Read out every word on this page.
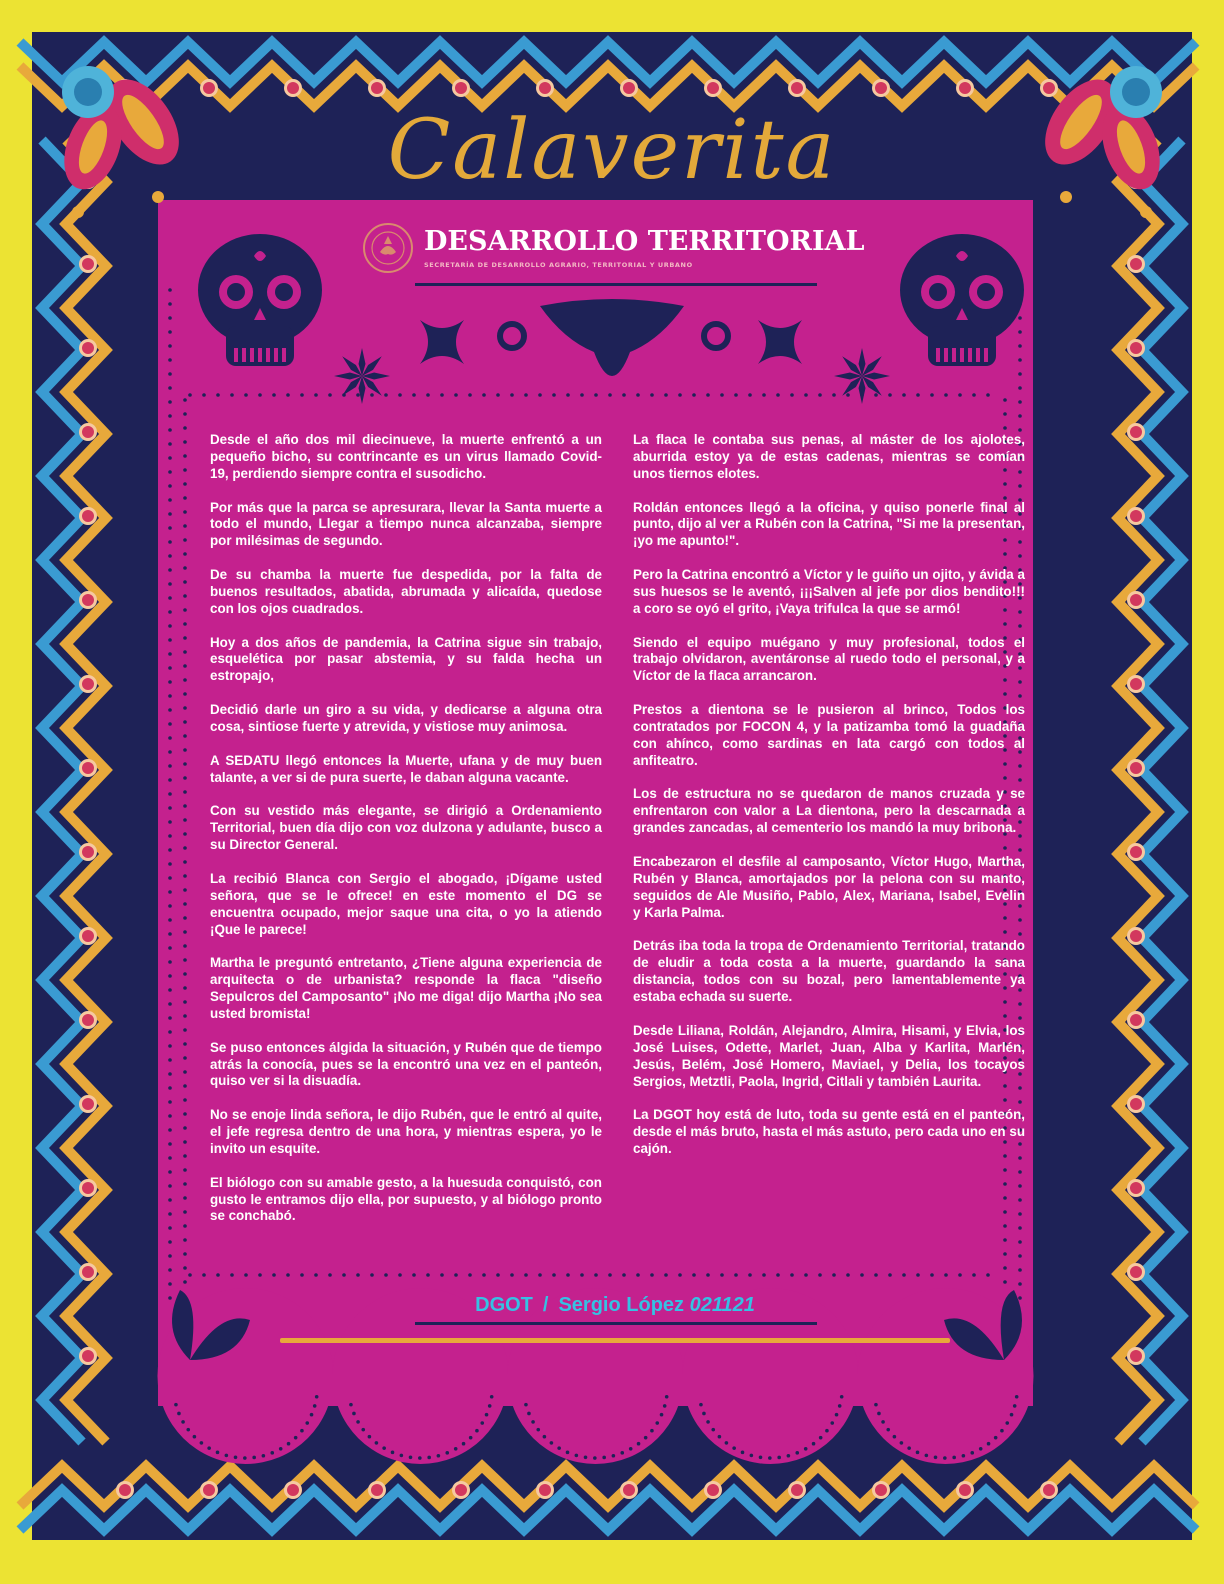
Calaverita
DESARROLLO TERRITORIAL
SECRETARÍA DE DESARROLLO AGRARIO, TERRITORIAL Y URBANO

Desde el año dos mil diecinueve, la muerte enfrentó a un pequeño bicho, su contrincante es un virus llamado Covid-19, perdiendo siempre contra el susodicho.

Por más que la parca se apresurara, llevar la Santa muerte a todo el mundo, Llegar a tiempo nunca alcanzaba, siempre por milésimas de segundo.

De su chamba la muerte fue despedida, por la falta de buenos resultados, abatida, abrumada y alicaída, quedose con los ojos cuadrados.

Hoy a dos años de pandemia, la Catrina sigue sin trabajo, esquelética por pasar abstemia, y su falda hecha un estropajo,

Decidió darle un giro a su vida, y dedicarse a alguna otra cosa, sintiose fuerte y atrevida, y vistiose muy animosa.

A SEDATU llegó entonces la Muerte, ufana y de muy buen talante, a ver si de pura suerte, le daban alguna vacante.

Con su vestido más elegante, se dirigió a Ordenamiento Territorial, buen día dijo con voz dulzona y adulante, busco a su Director General.

La recibió Blanca con Sergio el abogado, ¡Dígame usted señora, que se le ofrece! en este momento el DG se encuentra ocupado, mejor saque una cita, o yo la atiendo ¡Que le parece!

Martha le preguntó entretanto, ¿Tiene alguna experiencia de arquitecta o de urbanista? responde la flaca "diseño Sepulcros del Camposanto" ¡No me diga! dijo Martha ¡No sea usted bromista!

Se puso entonces álgida la situación, y Rubén que de tiempo atrás la conocía, pues se la encontró una vez en el panteón, quiso ver si la disuadía.

No se enoje linda señora, le dijo Rubén, que le entró al quite, el jefe regresa dentro de una hora, y mientras espera, yo le invito un esquite.

El biólogo con su amable gesto, a la huesuda conquistó, con gusto le entramos dijo ella, por supuesto, y al biólogo pronto se conchabó.

La flaca le contaba sus penas, al máster de los ajolotes, aburrida estoy ya de estas cadenas, mientras se comían unos tiernos elotes.

Roldán entonces llegó a la oficina, y quiso ponerle final al punto, dijo al ver a Rubén con la Catrina, "Si me la presentan, ¡yo me apunto!".

Pero la Catrina encontró a Víctor y le guiño un ojito, y ávida a sus huesos se le aventó, ¡¡¡Salven al jefe por dios bendito!!! a coro se oyó el grito, ¡Vaya trifulca la que se armó!

Siendo el equipo muégano y muy profesional, todos el trabajo olvidaron, aventáronse al ruedo todo el personal, y a Víctor de la flaca arrancaron.

Prestos a dientona se le pusieron al brinco, Todos los contratados por FOCON 4, y la patizamba tomó la guadaña con ahínco, como sardinas en lata cargó con todos al anfiteatro.

Los de estructura no se quedaron de manos cruzada y se enfrentaron con valor a La dientona, pero la descarnada a grandes zancadas, al cementerio los mandó la muy bribona.

Encabezaron el desfile al camposanto, Víctor Hugo, Martha, Rubén y Blanca, amortajados por la pelona con su manto, seguidos de Ale Musiño, Pablo, Alex, Mariana, Isabel, Evelin y Karla Palma.

Detrás iba toda la tropa de Ordenamiento Territorial, tratando de eludir a toda costa a la muerte, guardando la sana distancia, todos con su bozal, pero lamentablemente ya estaba echada su suerte.

Desde Liliana, Roldán, Alejandro, Almira, Hisami, y Elvia, los José Luises, Odette, Marlet, Juan, Alba y Karlita, Marlén, Jesús, Belém, José Homero, Maviael, y Delia, los tocayos Sergios, Metztli, Paola, Ingrid, Citlali y también Laurita.

La DGOT hoy está de luto, toda su gente está en el panteón, desde el más bruto, hasta el más astuto, pero cada uno en su cajón.

DGOT / Sergio López 021121
